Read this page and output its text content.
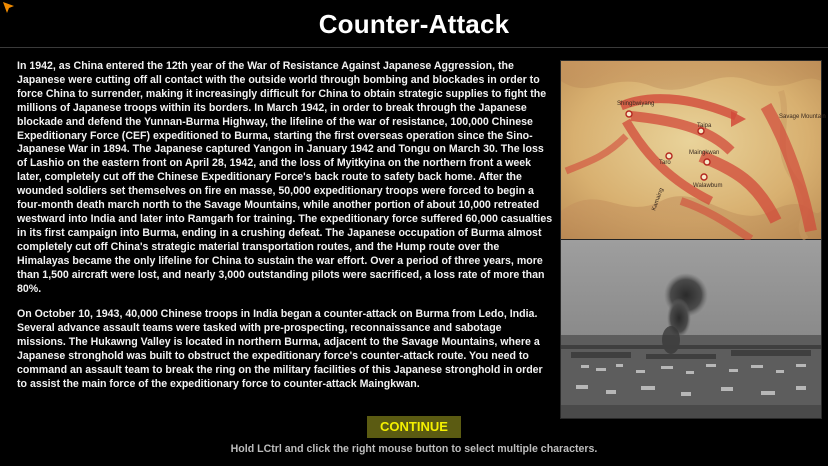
Counter-Attack

In 1942, as China entered the 12th year of the War of Resistance Against Japanese Aggression, the Japanese were cutting off all contact with the outside world through bombing and blockades in order to force China to surrender, making it increasingly difficult for China to obtain strategic supplies to fight the millions of Japanese troops within its borders. In March 1942, in order to break through the Japanese blockade and defend the Yunnan-Burma Highway, the lifeline of the war of resistance, 100,000 Chinese Expeditionary Force (CEF) expeditioned to Burma, starting the first overseas operation since the Sino-Japanese War in 1894. The Japanese captured Yangon in January 1942 and Tongu on March 30. The loss of Lashio on the eastern front on April 28, 1942, and the loss of Myitkyina on the northern front a week later, completely cut off the Chinese Expeditionary Force's back route to safety back home. After the wounded soldiers set themselves on fire en masse, 50,000 expeditionary troops were forced to begin a four-month death march north to the Savage Mountains, while another portion of about 10,000 retreated westward into India and later into Ramgarh for training. The expeditionary force suffered 60,000 casualties in its first campaign into Burma, ending in a crushing defeat. The Japanese occupation of Burma almost completely cut off China's strategic material transportation routes, and the Hump route over the Himalayas became the only lifeline for China to sustain the war effort. Over a period of three years, more than 1,500 aircraft were lost, and nearly 3,000 outstanding pilots were sacrificed, a loss rate of more than 80%.

On October 10, 1943, 40,000 Chinese troops in India began a counter-attack on Burma from Ledo, India. Several advance assault teams were tasked with pre-prospecting, reconnaissance and sabotage missions. The Hukawng Valley is located in northern Burma, adjacent to the Savage Mountains, where a Japanese stronghold was built to obstruct the expeditionary force's counter-attack route. You need to command an assault team to break the ring on the military facilities of this Japanese stronghold in order to assist the main force of the expeditionary force to counter-attack Maingkwan.

Shingbwiyang
Taipa
Savage Mountain
Taro
Maingkwan
Walawbum
Kamaing
CONTINUE
Hold LCtrl and click the right mouse button to select multiple characters.
